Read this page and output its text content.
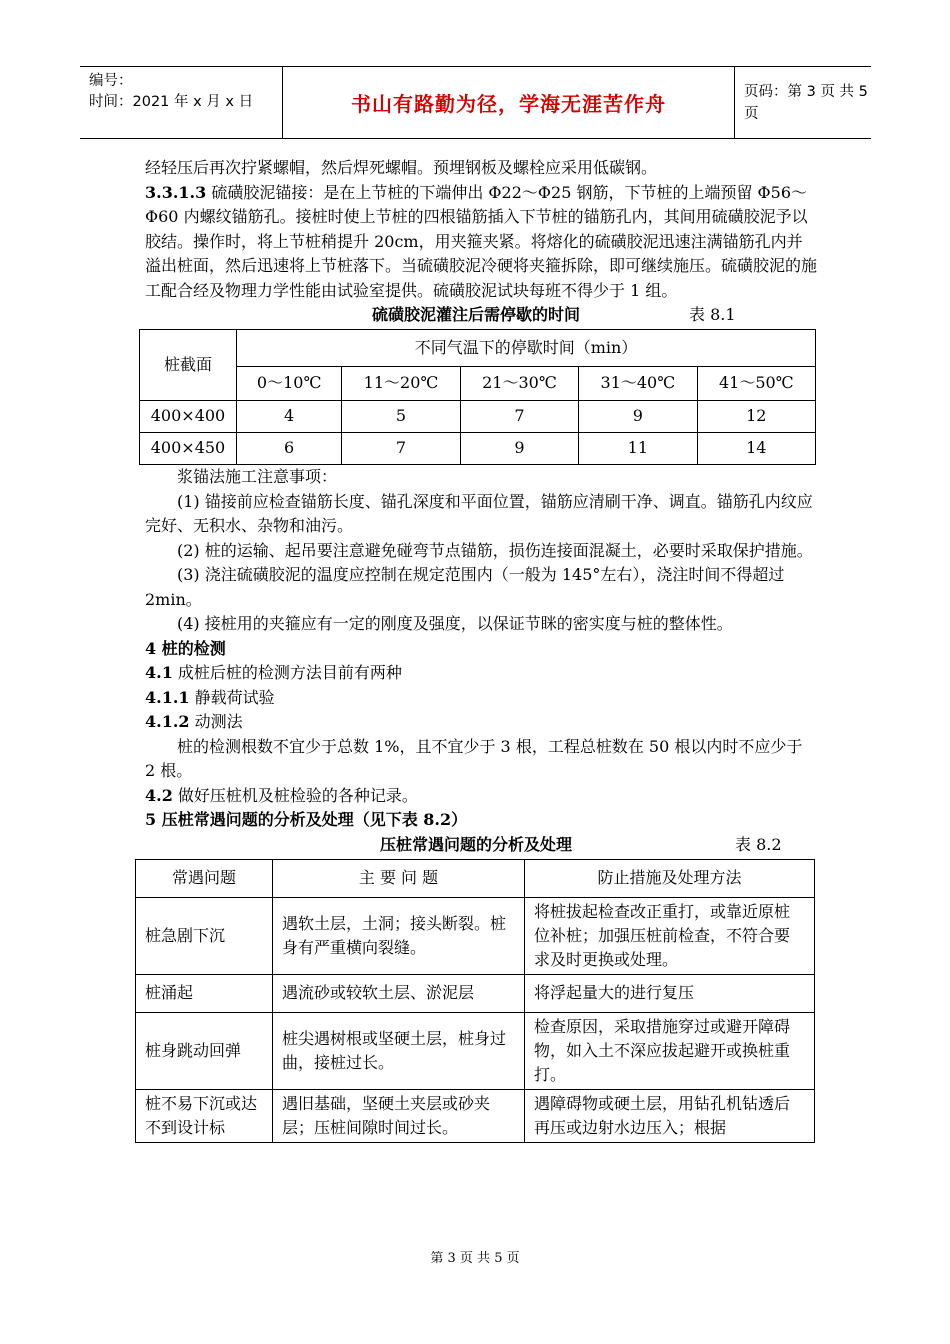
编号：
时间：2021 年 x 月 x 日	书山有路勤为径，学海无涯苦作舟
页码：第 3 页 共 5 页

经轻压后再次拧紧螺帽，然后焊死螺帽。预埋钢板及螺栓应采用低碳钢。

3.3.1.3 硫磺胶泥锚接：是在上节桩的下端伸出 Φ22～Φ25 钢筋，下节桩的上端预留 Φ56～Φ60 内螺纹锚筋孔。接桩时使上节桩的四根锚筋插入下节桩的锚筋孔内，其间用硫磺胶泥予以胶结。操作时，将上节桩稍提升 20cm，用夹箍夹紧。将熔化的硫磺胶泥迅速注满锚筋孔内并溢出桩面，然后迅速将上节桩落下。当硫磺胶泥冷硬将夹箍拆除，即可继续施压。硫磺胶泥的施工配合经及物理力学性能由试验室提供。硫磺胶泥试块每班不得少于 1 组。

硫磺胶泥灌注后需停歇的时间	表 8.1
桩截面	不同气温下的停歇时间（min）				
	0～10℃	11～20℃	21～30℃	31～40℃	41～50℃
400×400	4	5	7	9	12
400×450	6	7	9	11	14

浆锚法施工注意事项：

(1) 锚接前应检查锚筋长度、锚孔深度和平面位置，锚筋应清刷干净、调直。锚筋孔内纹应完好、无积水、杂物和油污。

(2) 桩的运输、起吊要注意避免碰弯节点锚筋，损伤连接面混凝土，必要时采取保护措施。

(3) 浇注硫磺胶泥的温度应控制在规定范围内（一般为 145°左右），浇注时间不得超过 2min。

(4) 接桩用的夹箍应有一定的刚度及强度，以保证节眯的密实度与桩的整体性。

4 桩的检测

4.1 成桩后桩的检测方法目前有两种

4.1.1 静载荷试验

4.1.2 动测法

桩的检测根数不宜少于总数 1%，且不宜少于 3 根，工程总桩数在 50 根以内时不应少于 2 根。

4.2 做好压桩机及桩检验的各种记录。

5 压桩常遇问题的分析及处理（见下表 8.2）

压桩常遇问题的分析及处理	表 8.2
常遇问题	主 要 问 题	防止措施及处理方法
桩急剧下沉	遇软土层，土洞；接头断裂。桩身有严重横向裂缝。	将桩拔起检查改正重打，或靠近原桩位补桩；加强压桩前检查，不符合要求及时更换或处理。
桩涌起	遇流砂或较软土层、淤泥层	将浮起量大的进行复压
桩身跳动回弹	桩尖遇树根或坚硬土层，桩身过曲，接桩过长。	检查原因，采取措施穿过或避开障碍物，如入土不深应拔起避开或换桩重打。
桩不易下沉或达不到设计标	遇旧基础，坚硬土夹层或砂夹层；压桩间隙时间过长。	遇障碍物或硬土层，用钻孔机钻透后再压或边射水边压入；根据
第 3 页 共 5 页
